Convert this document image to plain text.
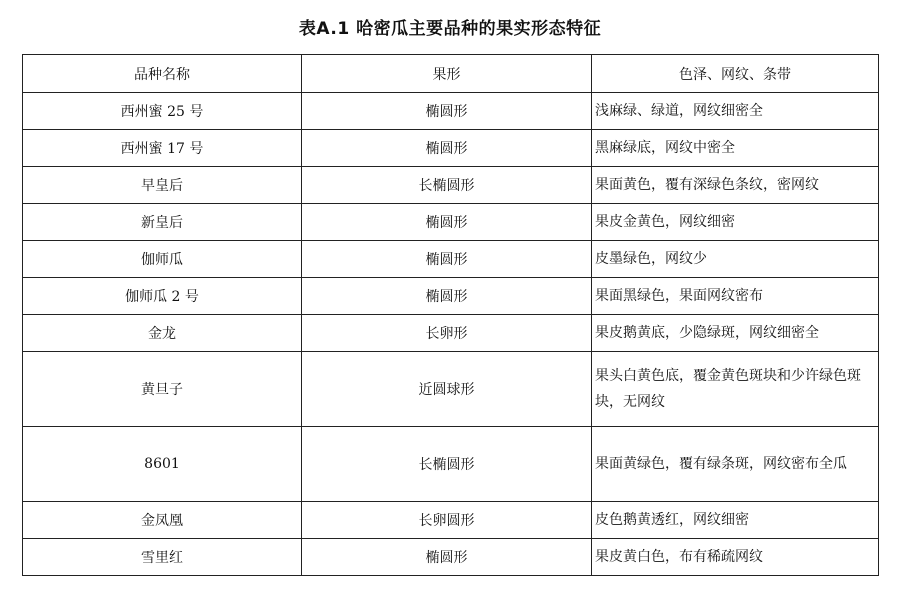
表A.1 哈密瓜主要品种的果实形态特征
品种名称	果形	色泽、网纹、条带
西州蜜 25 号	椭圆形	浅麻绿、绿道，网纹细密全
西州蜜 17 号	椭圆形	黑麻绿底，网纹中密全
早皇后	长椭圆形	果面黄色，覆有深绿色条纹，密网纹
新皇后	椭圆形	果皮金黄色，网纹细密
伽师瓜	椭圆形	皮墨绿色，网纹少
伽师瓜 2 号	椭圆形	果面黑绿色，果面网纹密布
金龙	长卵形	果皮鹅黄底，少隐绿斑，网纹细密全
黄旦子	近圆球形	果头白黄色底，覆金黄色斑块和少许绿色斑块，无网纹
8601	长椭圆形	果面黄绿色，覆有绿条斑，网纹密布全瓜
金凤凰	长卵圆形	皮色鹅黄透红，网纹细密
雪里红	椭圆形	果皮黄白色，布有稀疏网纹
